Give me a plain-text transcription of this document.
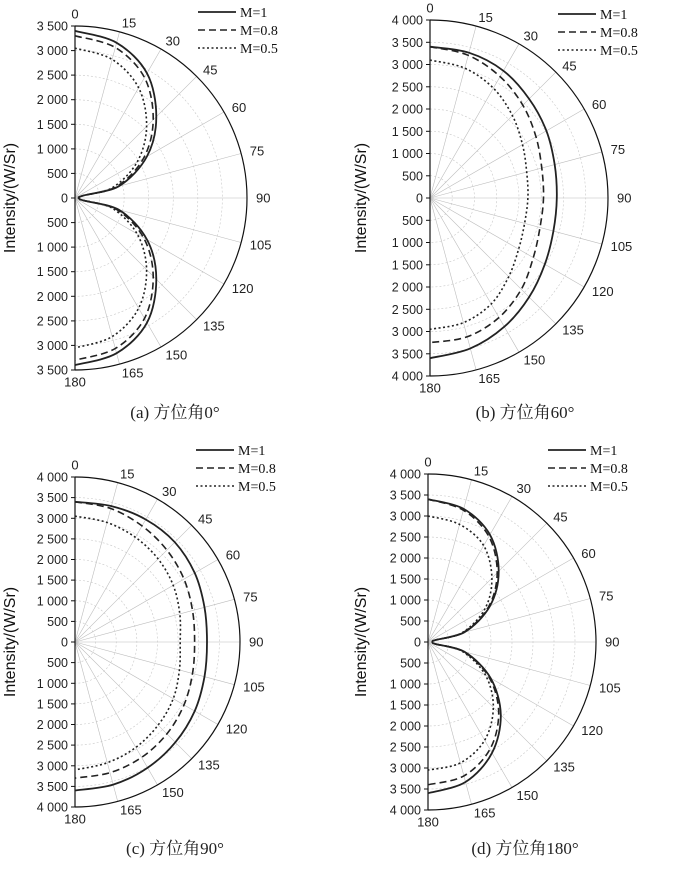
3 500
3 000
2 500
2 000
1 500
1 000
500
0
500
1 000
1 500
2 000
2 500
3 000
3 500
0
15
30
45
60
75
90
105
120
135
150
165
180
Intensity/(W/Sr)
M=1
M=0.8
M=0.5
(a) 方位角0°
4 000
3 500
3 000
2 500
2 000
1 500
1 000
500
0
500
1 000
1 500
2 000
2 500
3 000
3 500
4 000
0
15
30
45
60
75
90
105
120
135
150
165
180
Intensity/(W/Sr)
M=1
M=0.8
M=0.5
(b) 方位角60°
4 000
3 500
3 000
2 500
2 000
1 500
1 000
500
0
500
1 000
1 500
2 000
2 500
3 000
3 500
4 000
0
15
30
45
60
75
90
105
120
135
150
165
180
Intensity/(W/Sr)
M=1
M=0.8
M=0.5
(c) 方位角90°
4 000
3 500
3 000
2 500
2 000
1 500
1 000
500
0
500
1 000
1 500
2 000
2 500
3 000
3 500
4 000
0
15
30
45
60
75
90
105
120
135
150
165
180
Intensity/(W/Sr)
M=1
M=0.8
M=0.5
(d) 方位角180°
